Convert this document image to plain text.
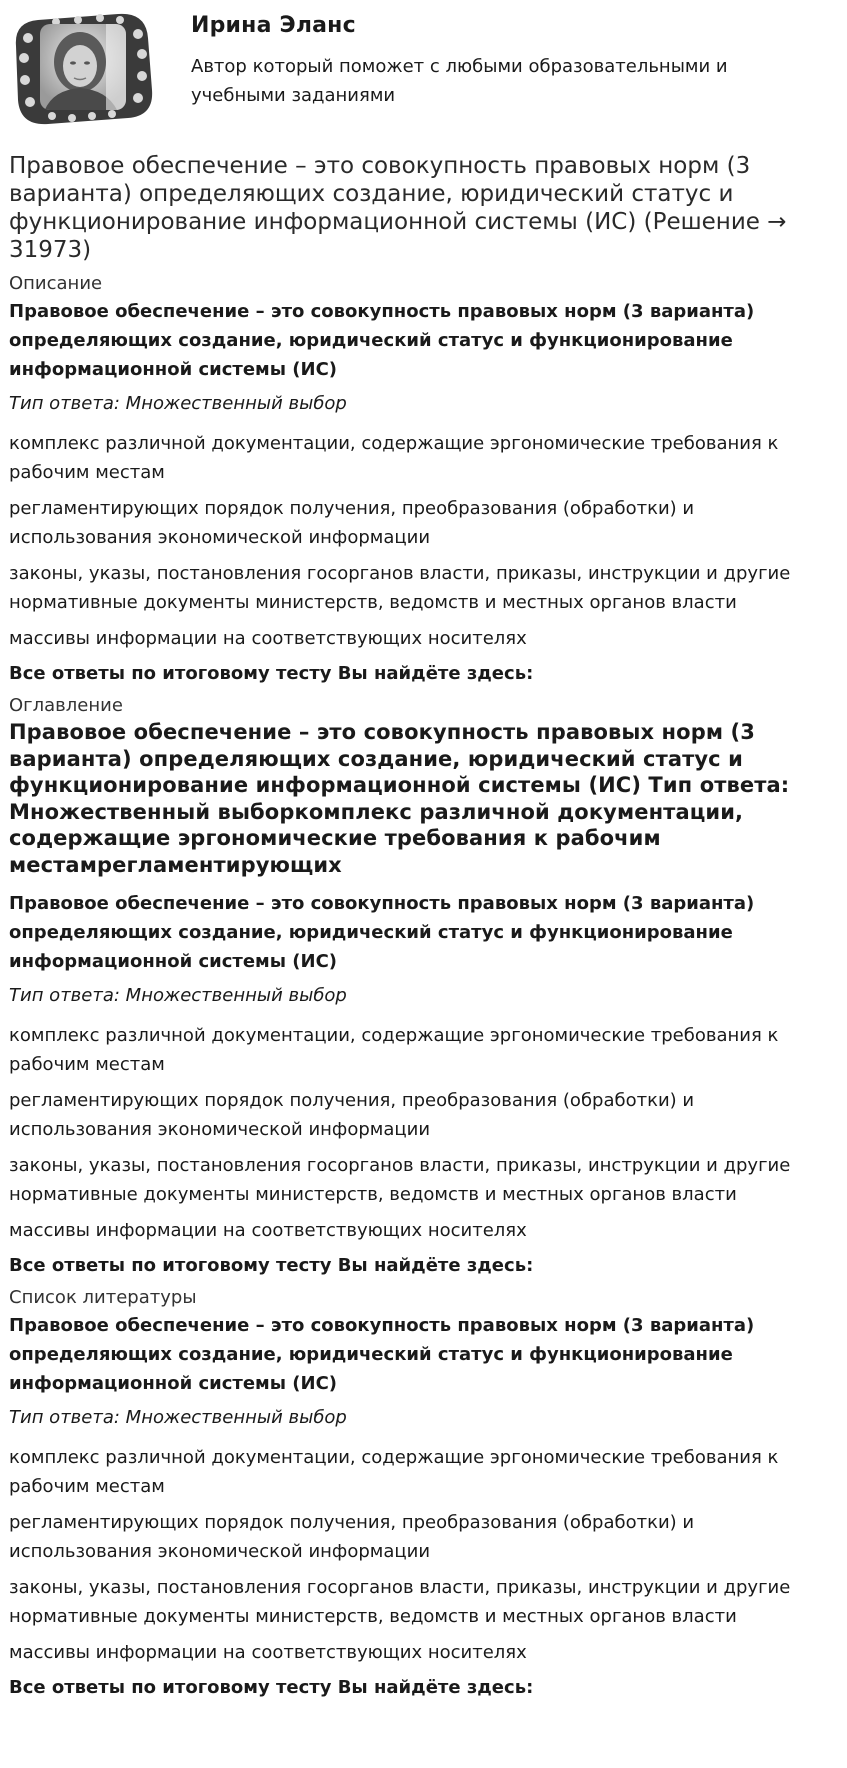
Ирина Эланс

Автор который поможет с любыми образовательными и учебными заданиями

Правовое обеспечение – это совокупность правовых норм (3 варианта) определяющих создание, юридический статус и функционирование информационной системы (ИС) (Решение → 31973)
Описание

Правовое обеспечение – это совокупность правовых норм (3 варианта) определяющих создание, юридический статус и функционирование информационной системы (ИС)

Тип ответа: Множественный выбор

комплекс различной документации, содержащие эргономические требования к рабочим местам

регламентирующих порядок получения, преобразования (обработки) и использования экономической информации

законы, указы, постановления госорганов власти, приказы, инструкции и другие нормативные документы министерств, ведомств и местных органов власти

массивы информации на соответствующих носителях

Все ответы по итоговому тесту Вы найдёте здесь:

Оглавление
Правовое обеспечение – это совокупность правовых норм (3 варианта) определяющих создание, юридический статус и функционирование информационной системы (ИС) Тип ответа: Множественный выборкомплекс различной документации, содержащие эргономические требования к рабочим местамрегламентирующих

Правовое обеспечение – это совокупность правовых норм (3 варианта) определяющих создание, юридический статус и функционирование информационной системы (ИС)

Тип ответа: Множественный выбор

комплекс различной документации, содержащие эргономические требования к рабочим местам

регламентирующих порядок получения, преобразования (обработки) и использования экономической информации

законы, указы, постановления госорганов власти, приказы, инструкции и другие нормативные документы министерств, ведомств и местных органов власти

массивы информации на соответствующих носителях

Все ответы по итоговому тесту Вы найдёте здесь:

Список литературы

Правовое обеспечение – это совокупность правовых норм (3 варианта) определяющих создание, юридический статус и функционирование информационной системы (ИС)

Тип ответа: Множественный выбор

комплекс различной документации, содержащие эргономические требования к рабочим местам

регламентирующих порядок получения, преобразования (обработки) и использования экономической информации

законы, указы, постановления госорганов власти, приказы, инструкции и другие нормативные документы министерств, ведомств и местных органов власти

массивы информации на соответствующих носителях

Все ответы по итоговому тесту Вы найдёте здесь:
